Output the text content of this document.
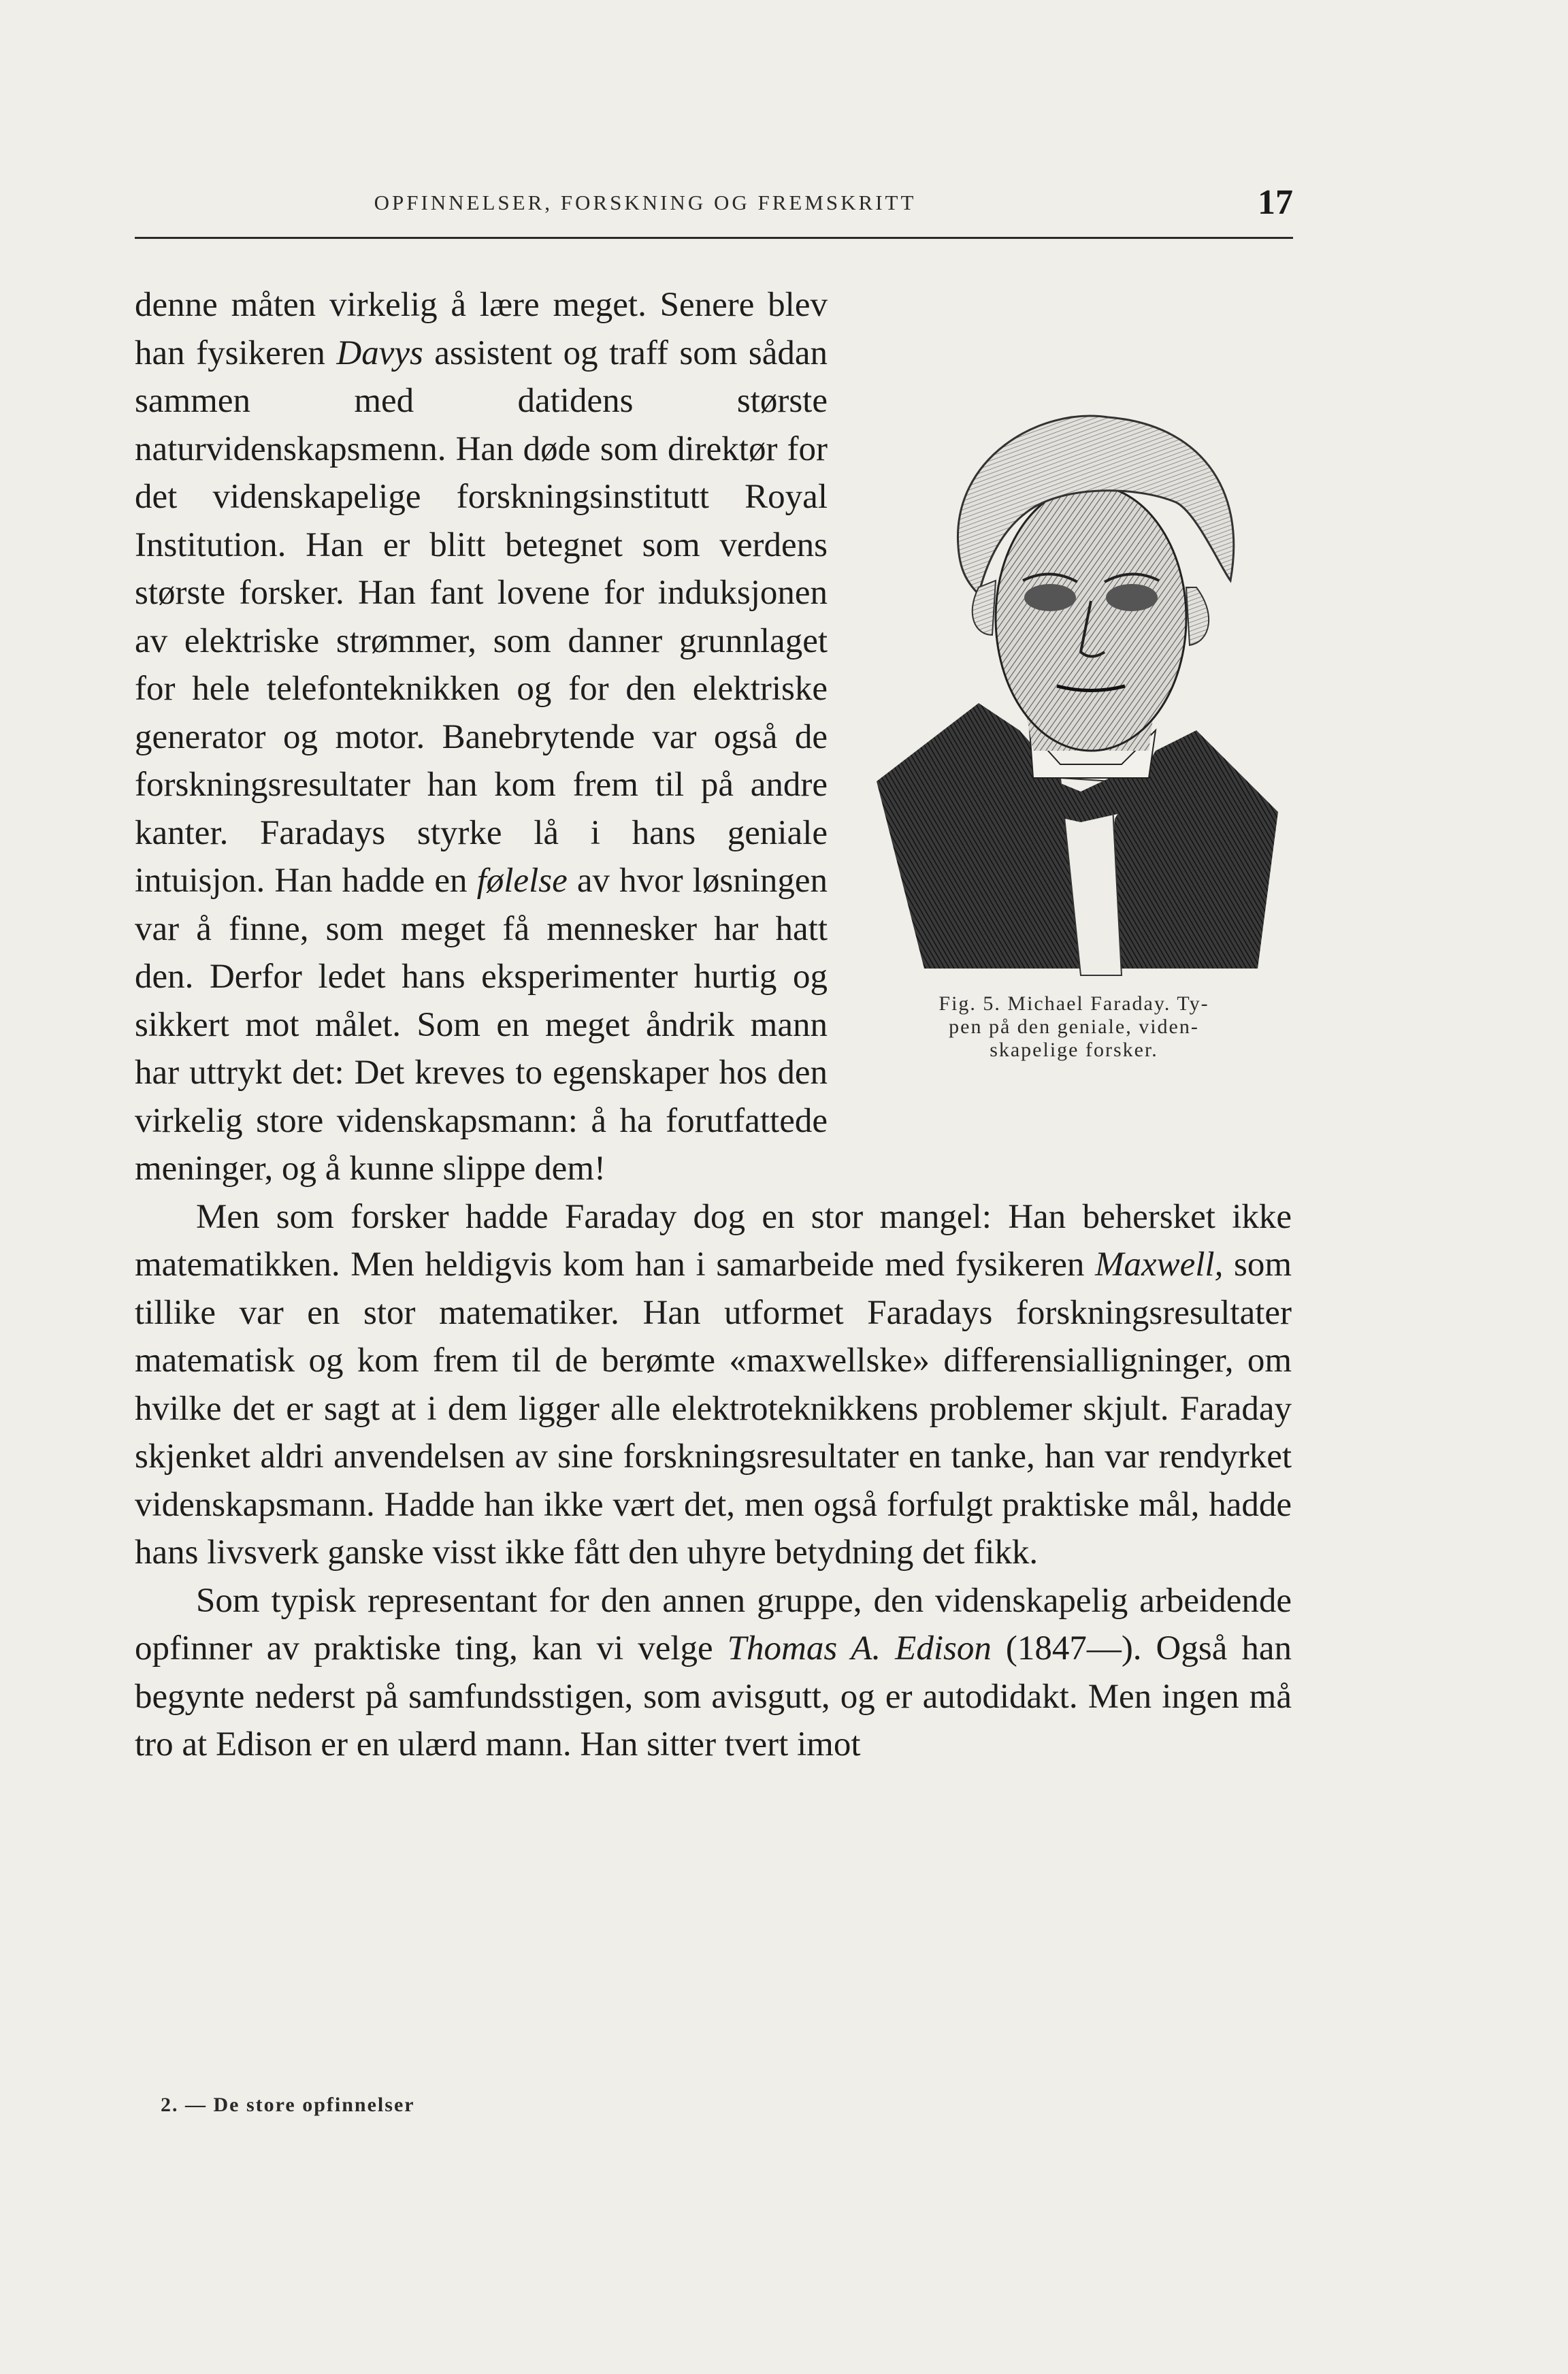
OPFINNELSER, FORSKNING OG FREMSKRITT	17
Fig. 5. Michael Faraday. Ty-
pen på den geniale, viden-
skapelige forsker.

denne måten virkelig å lære meget. Senere blev han fysikeren Davys assistent og traff som sådan sammen med datidens største naturvidenskapsmenn. Han døde som direktør for det videnskapelige forskningsinstitutt Royal Institution. Han er blitt betegnet som verdens største forsker. Han fant lovene for induksjonen av elektriske strømmer, som danner grunnlaget for hele telefonteknikken og for den elektriske generator og motor. Banebrytende var også de forskningsresultater han kom frem til på andre kanter. Faradays styrke lå i hans geniale intuisjon. Han hadde en følelse av hvor løsningen var å finne, som meget få mennesker har hatt den. Derfor ledet hans eksperimenter hurtig og sikkert mot målet. Som en meget åndrik mann har uttrykt det: Det kreves to egenskaper hos den virkelig store videnskapsmann: å ha forutfattede meninger, og å kunne slippe dem!

Men som forsker hadde Faraday dog en stor mangel: Han behersket ikke matematikken. Men heldigvis kom han i samarbeide med fysikeren Maxwell, som tillike var en stor matematiker. Han utformet Faradays forskningsresultater matematisk og kom frem til de berømte «maxwellske» differensialligninger, om hvilke det er sagt at i dem ligger alle elektroteknikkens problemer skjult. Faraday skjenket aldri anvendelsen av sine forskningsresultater en tanke, han var rendyrket videnskapsmann. Hadde han ikke vært det, men også forfulgt praktiske mål, hadde hans livsverk ganske visst ikke fått den uhyre betydning det fikk.

Som typisk representant for den annen gruppe, den videnskapelig arbeidende opfinner av praktiske ting, kan vi velge Thomas A. Edison (1847—). Også han begynte nederst på samfundsstigen, som avisgutt, og er autodidakt. Men ingen må tro at Edison er en ulærd mann. Han sitter tvert imot

2. — De store opfinnelser
